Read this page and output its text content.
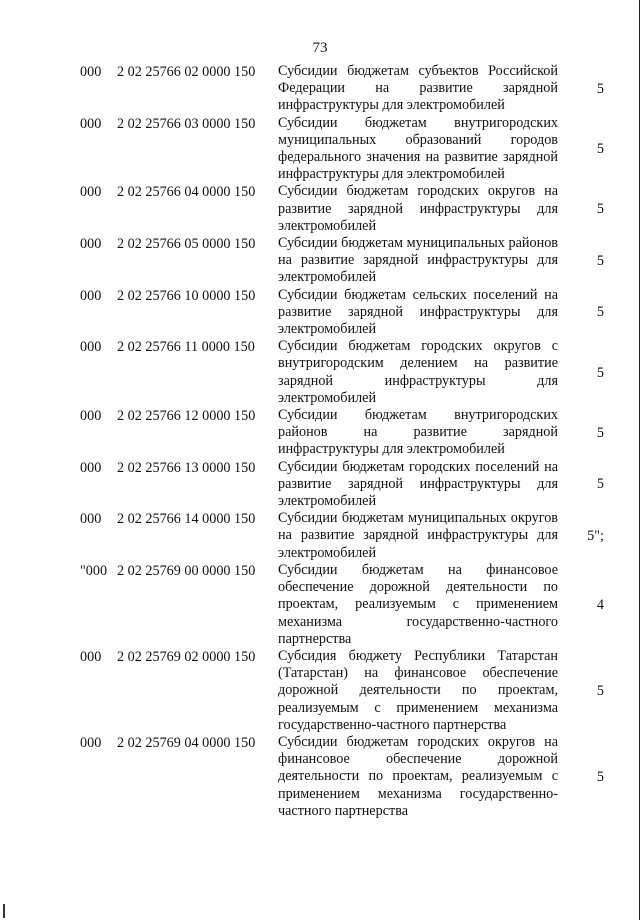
73
000 2 02 25766 02 0000 150 Субсидии бюджетам субъектов Российской Федерации на развитие зарядной инфраструктуры для электромобилей
5
000 2 02 25766 03 0000 150 Субсидии бюджетам внутригородских муниципальных образований городов федерального значения на развитие зарядной инфраструктуры для электромобилей
5
000 2 02 25766 04 0000 150 Субсидии бюджетам городских округов на развитие зарядной инфраструктуры для электромобилей
5
000 2 02 25766 05 0000 150 Субсидии бюджетам муниципальных районов на развитие зарядной инфраструктуры для электромобилей
5
000 2 02 25766 10 0000 150 Субсидии бюджетам сельских поселений на развитие зарядной инфраструктуры для электромобилей
5
000 2 02 25766 11 0000 150 Субсидии бюджетам городских округов с внутригородским делением на развитие зарядной инфраструктуры для электромобилей
5
000 2 02 25766 12 0000 150 Субсидии бюджетам внутригородских районов на развитие зарядной инфраструктуры для электромобилей
5
000 2 02 25766 13 0000 150 Субсидии бюджетам городских поселений на развитие зарядной инфраструктуры для электромобилей
5
000 2 02 25766 14 0000 150 Субсидии бюджетам муниципальных округов на развитие зарядной инфраструктуры для электромобилей
5";
"000 2 02 25769 00 0000 150 Субсидии бюджетам на финансовое обеспечение дорожной деятельности по проектам, реализуемым с применением механизма государственно-частного партнерства
4
000 2 02 25769 02 0000 150 Субсидия бюджету Республики Татарстан (Татарстан) на финансовое обеспечение дорожной деятельности по проектам, реализуемым с применением механизма государственно-частного партнерства
5
000 2 02 25769 04 0000 150 Субсидии бюджетам городских округов на финансовое обеспечение дорожной деятельности по проектам, реализуемым с применением механизма государственно-частного партнерства
5
